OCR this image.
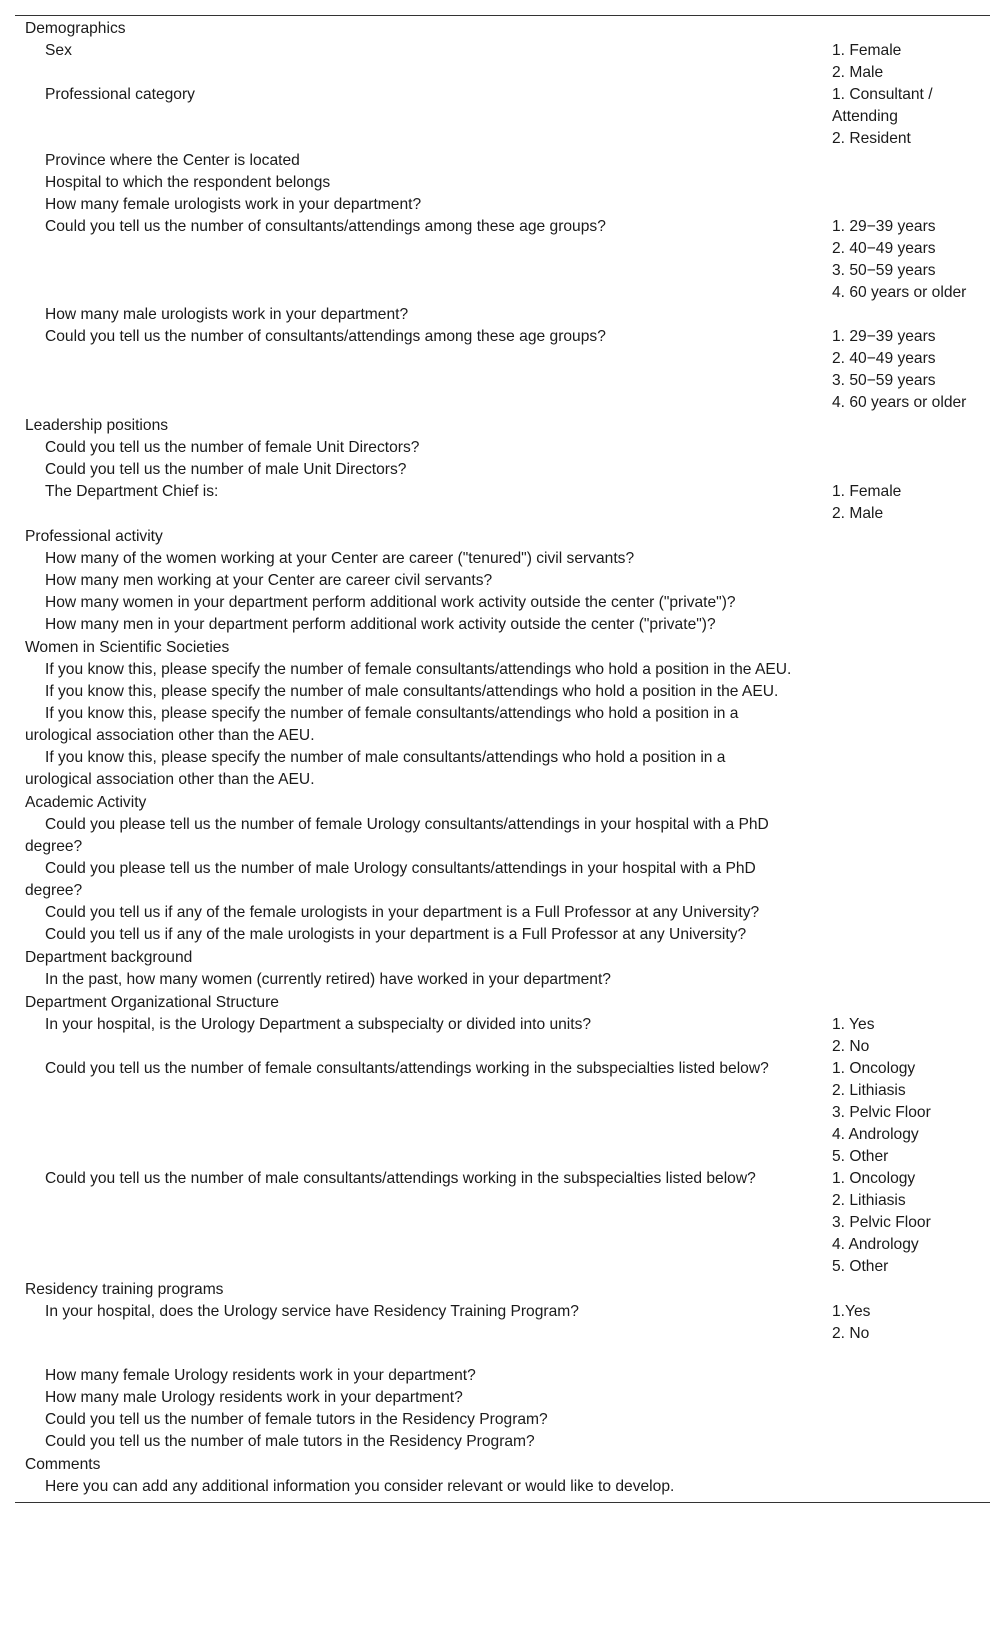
Demographics	
Sex	1. Female
2. Male

Professional category	1. Consultant / Attending
2. Resident

Province where the Center is located	
Hospital to which the respondent belongs	
How many female urologists work in your department?	
Could you tell us the number of consultants/attendings among these age groups?	1. 29−39 years
2. 40−49 years
3. 50−59 years
4. 60 years or older

How many male urologists work in your department?	
Could you tell us the number of consultants/attendings among these age groups?	1. 29−39 years
2. 40−49 years
3. 50−59 years
4. 60 years or older

Leadership positions	
Could you tell us the number of female Unit Directors?	
Could you tell us the number of male Unit Directors?	
The Department Chief is:	1. Female
2. Male

Professional activity	
How many of the women working at your Center are career ("tenured") civil servants?	
How many men working at your Center are career civil servants?	
How many women in your department perform additional work activity outside the center ("private")?	
How many men in your department perform additional work activity outside the center ("private")?	
Women in Scientific Societies	
If you know this, please specify the number of female consultants/attendings who hold a position in the AEU.	
If you know this, please specify the number of male consultants/attendings who hold a position in the AEU.	
If you know this, please specify the number of female consultants/attendings who hold a position in a urological association other than the AEU.	
If you know this, please specify the number of male consultants/attendings who hold a position in a urological association other than the AEU.	
Academic Activity	
Could you please tell us the number of female Urology consultants/attendings in your hospital with a PhD degree?	
Could you please tell us the number of male Urology consultants/attendings in your hospital with a PhD degree?	
Could you tell us if any of the female urologists in your department is a Full Professor at any University?	
Could you tell us if any of the male urologists in your department is a Full Professor at any University?	
Department background	
In the past, how many women (currently retired) have worked in your department?	
Department Organizational Structure	
In your hospital, is the Urology Department a subspecialty or divided into units?	1. Yes
2. No

Could you tell us the number of female consultants/attendings working in the subspecialties listed below?	1. Oncology
2. Lithiasis
3. Pelvic Floor
4. Andrology
5. Other

Could you tell us the number of male consultants/attendings working in the subspecialties listed below?	1. Oncology
2. Lithiasis
3. Pelvic Floor
4. Andrology
5. Other

Residency training programs	
In your hospital, does the Urology service have Residency Training Program?	1.Yes
2. No

How many female Urology residents work in your department?	
How many male Urology residents work in your department?	
Could you tell us the number of female tutors in the Residency Program?	
Could you tell us the number of male tutors in the Residency Program?	
Comments	
Here you can add any additional information you consider relevant or would like to develop.	
